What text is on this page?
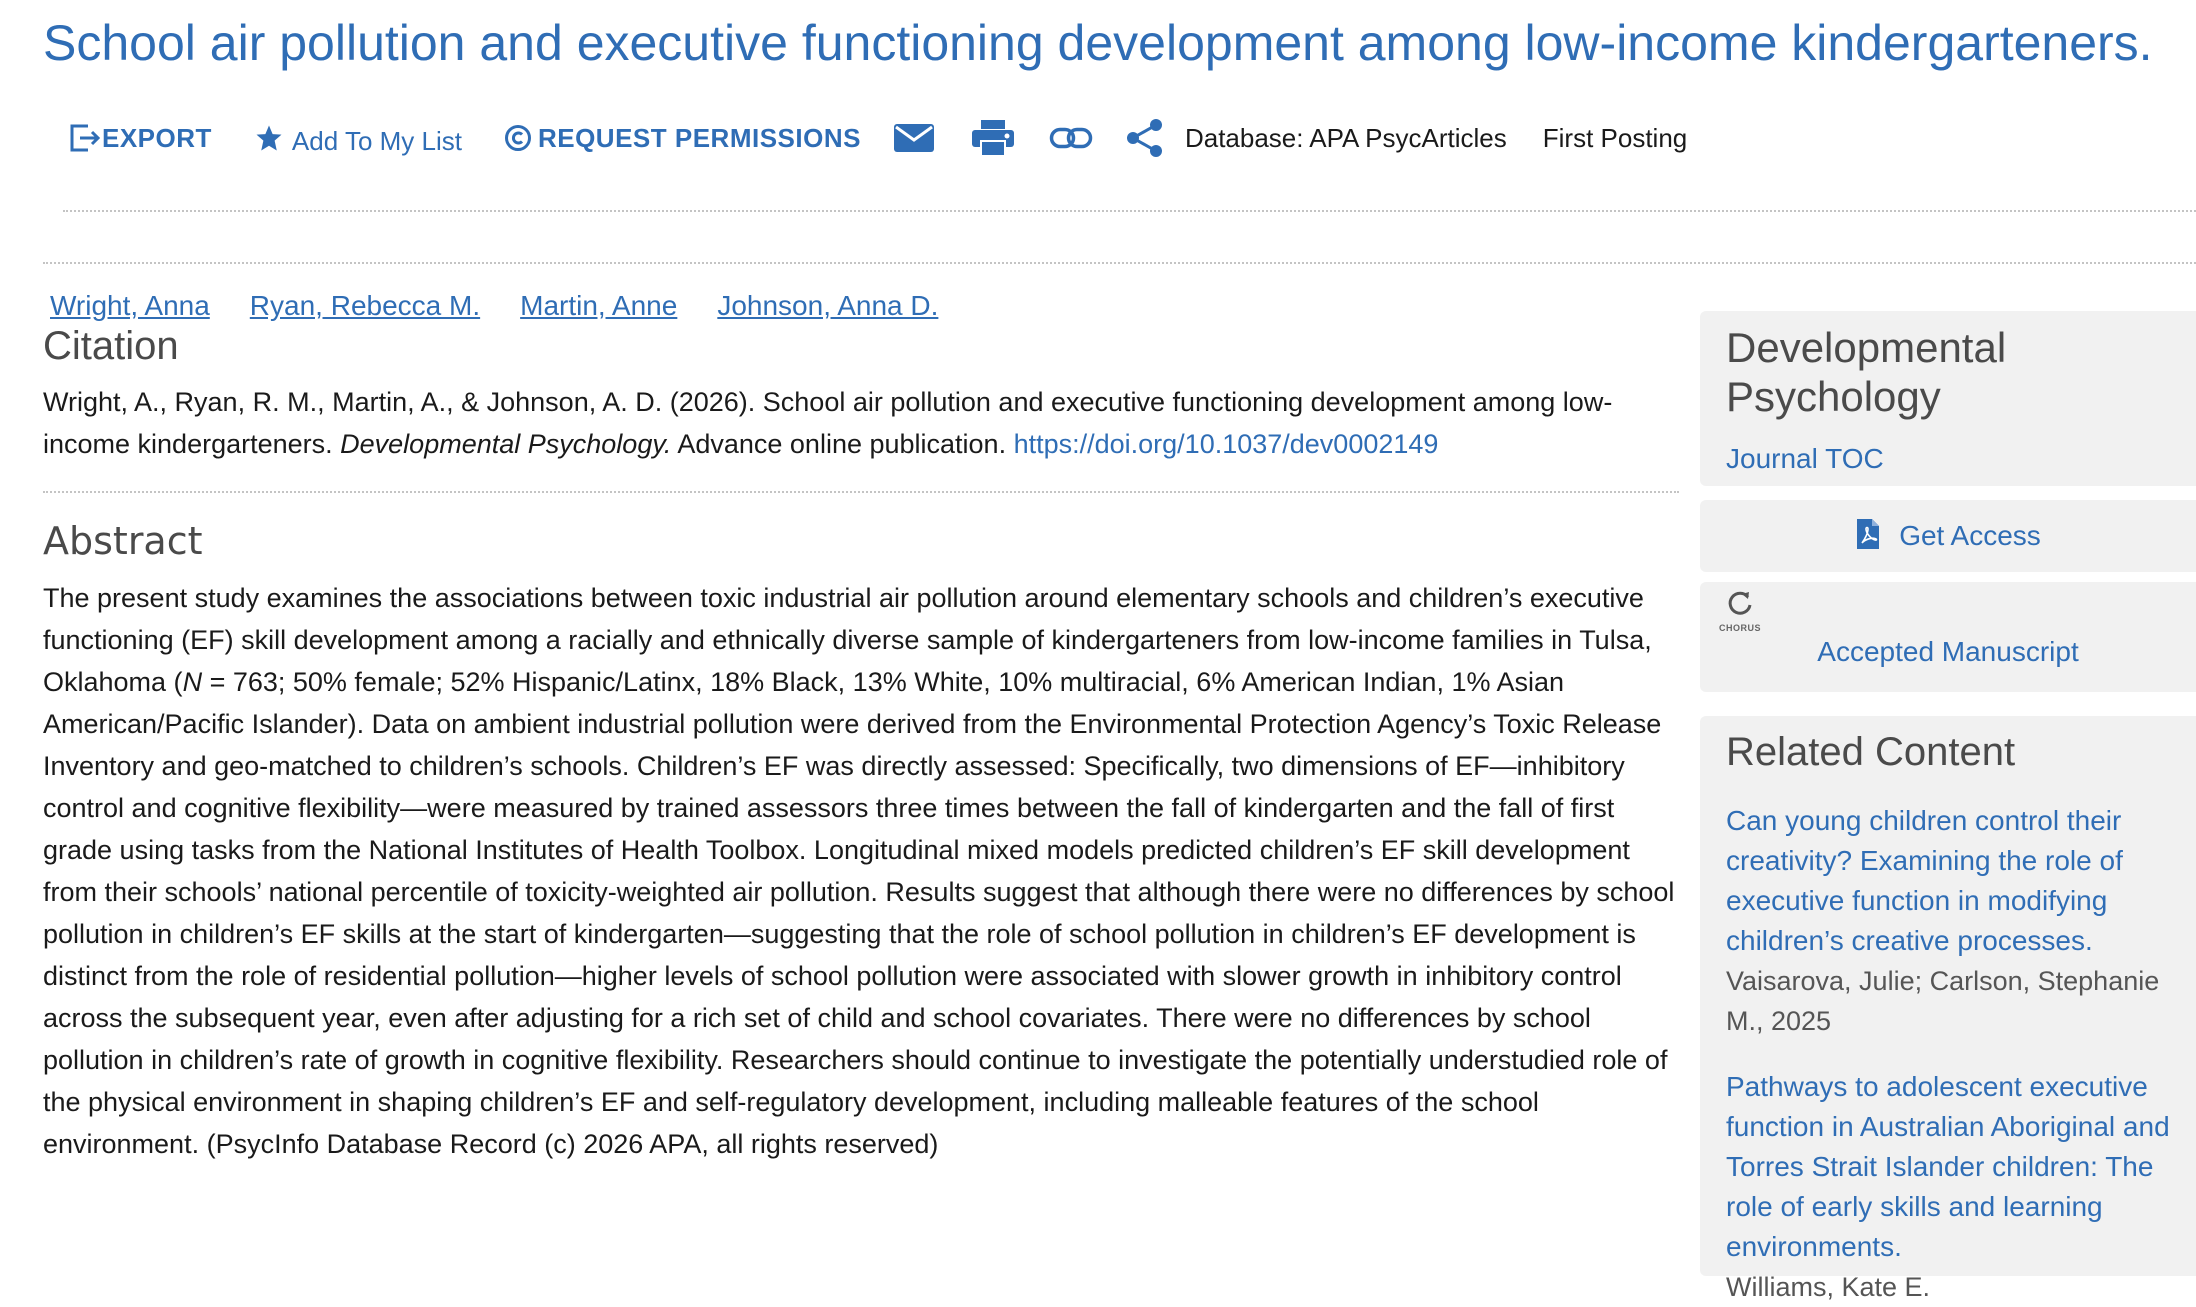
School air pollution and executive functioning development among low-income kindergarteners.
EXPORT	Add To My List	REQUEST PERMISSIONS	Database: APA PsycArticles First Posting
Wright, Anna Ryan, Rebecca M. Martin, Anne Johnson, Anna D.
Citation
Wright, A., Ryan, R. M., Martin, A., & Johnson, A. D. (2026). School air pollution and executive functioning development among low-income kindergarteners. Developmental Psychology. Advance online publication. https://doi.org/10.1037/dev0002149
Abstract
The present study examines the associations between toxic industrial air pollution around elementary schools and children’s executive functioning (EF) skill development among a racially and ethnically diverse sample of kindergarteners from low-income families in Tulsa, Oklahoma (N = 763; 50% female; 52% Hispanic/Latinx, 18% Black, 13% White, 10% multiracial, 6% American Indian, 1% Asian American/Pacific Islander). Data on ambient industrial pollution were derived from the Environmental Protection Agency’s Toxic Release Inventory and geo-matched to children’s schools. Children’s EF was directly assessed: Specifically, two dimensions of EF—inhibitory control and cognitive flexibility—were measured by trained assessors three times between the fall of kindergarten and the fall of first grade using tasks from the National Institutes of Health Toolbox. Longitudinal mixed models predicted children’s EF skill development from their schools’ national percentile of toxicity-weighted air pollution. Results suggest that although there were no differences by school pollution in children’s EF skills at the start of kindergarten—suggesting that the role of school pollution in children’s EF development is distinct from the role of residential pollution—higher levels of school pollution were associated with slower growth in inhibitory control across the subsequent year, even after adjusting for a rich set of child and school covariates. There were no differences by school pollution in children’s rate of growth in cognitive flexibility. Researchers should continue to investigate the potentially understudied role of the physical environment in shaping children’s EF and self-regulatory development, including malleable features of the school environment. (PsycInfo Database Record (c) 2026 APA, all rights reserved)
Developmental Psychology
Journal TOC
Get Access
CHORUS
Accepted Manuscript
Related Content
Can young children control their creativity? Examining the role of executive function in modifying children’s creative processes.
Vaisarova, Julie; Carlson, Stephanie M., 2025
Pathways to adolescent executive function in Australian Aboriginal and Torres Strait Islander children: The role of early skills and learning environments.
Williams, Kate E.
